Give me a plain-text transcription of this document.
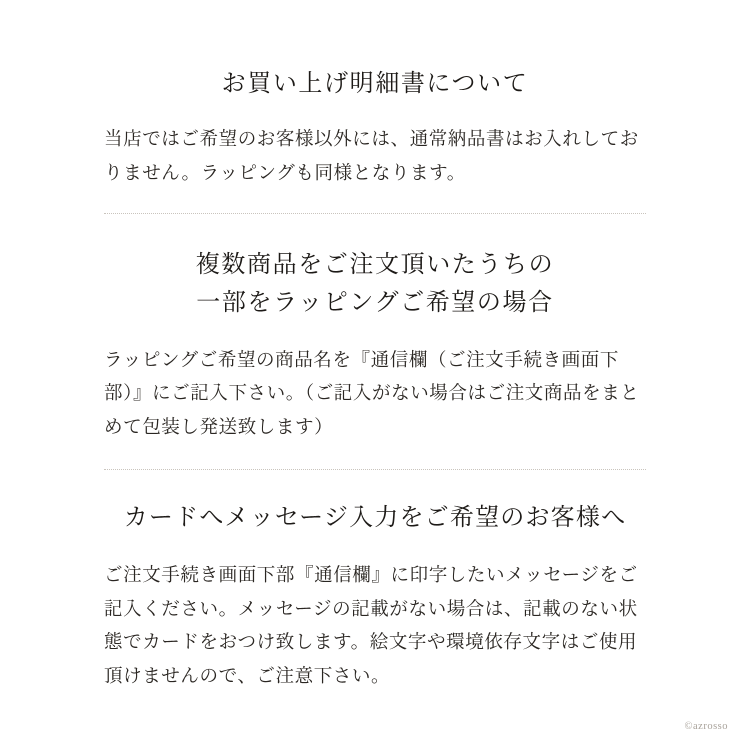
お買い上げ明細書について

当店ではご希望のお客様以外には、通常納品書はお入れしておりません。ラッピングも同様となります。

複数商品をご注文頂いたうちの
一部をラッピングご希望の場合

ラッピングご希望の商品名を『通信欄（ご注文手続き画面下部）』にご記入下さい。（ご記入がない場合はご注文商品をまとめて包装し発送致します）

カードへメッセージ入力をご希望のお客様へ

ご注文手続き画面下部『通信欄』に印字したいメッセージをご記入ください。メッセージの記載がない場合は、記載のない状態でカードをおつけ致します。絵文字や環境依存文字はご使用頂けませんので、ご注意下さい。

©azrosso
